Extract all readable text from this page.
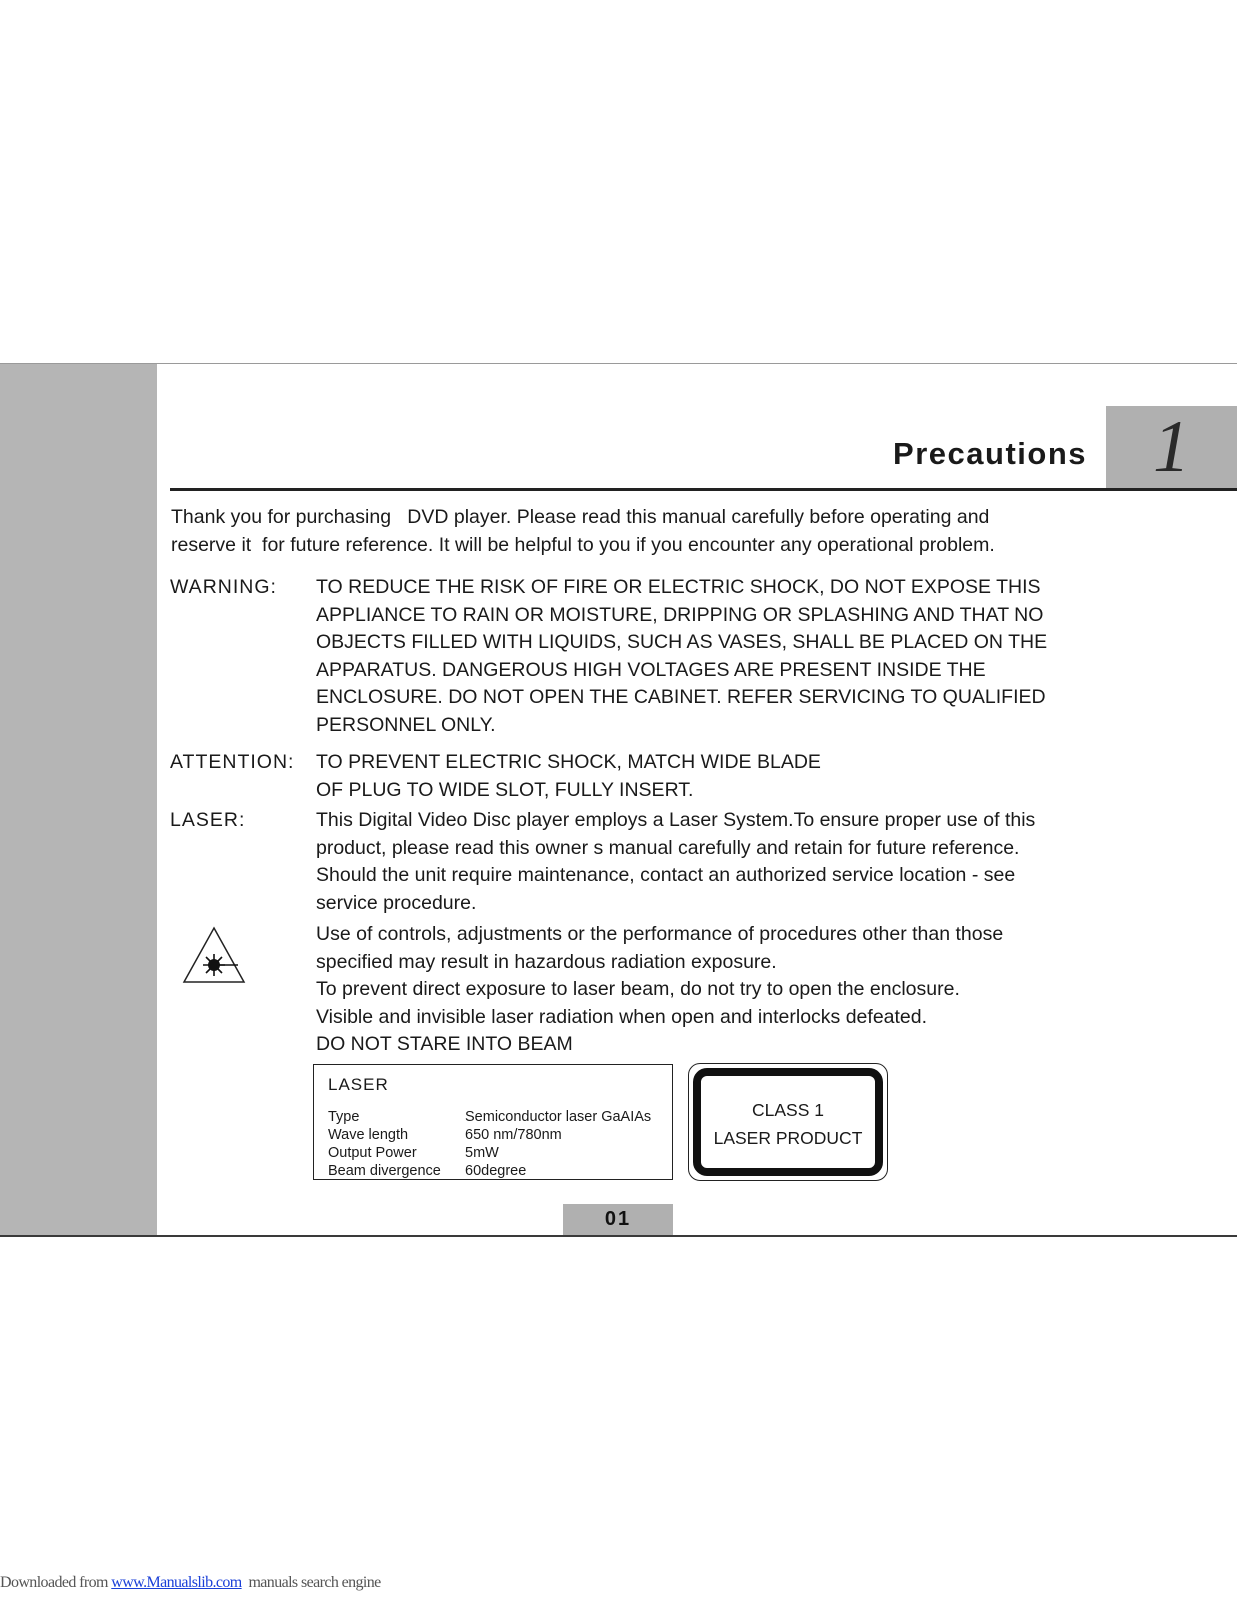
Precautions 1
Thank you for purchasing   DVD player. Please read this manual carefully before operating and
reserve it  for future reference. It will be helpful to you if you encounter any operational problem.
WARNING: TO REDUCE THE RISK OF FIRE OR ELECTRIC SHOCK, DO NOT EXPOSE THIS
APPLIANCE TO RAIN OR MOISTURE, DRIPPING OR SPLASHING AND THAT NO
OBJECTS FILLED WITH LIQUIDS, SUCH AS VASES, SHALL BE PLACED ON THE
APPARATUS. DANGEROUS HIGH VOLTAGES ARE PRESENT INSIDE THE
ENCLOSURE. DO NOT OPEN THE CABINET. REFER SERVICING TO QUALIFIED
PERSONNEL ONLY.
ATTENTION: TO PREVENT ELECTRIC SHOCK, MATCH WIDE BLADE
OF PLUG TO WIDE SLOT, FULLY INSERT.
LASER:	This Digital Video Disc player employs a Laser System.To ensure proper use of this
product, please read this owner s manual carefully and retain for future reference.
Should the unit require maintenance, contact an authorized service location - see
service procedure.
Use of controls, adjustments or the performance of procedures other than those
specified may result in hazardous radiation exposure.
To prevent direct exposure to laser beam, do not try to open the enclosure.
Visible and invisible laser radiation when open and interlocks defeated.
DO NOT STARE INTO BEAM
LASER
Type	Semiconductor laser GaAIAs
Wave length	650 nm/780nm
Output Power	5mW
Beam divergence 60degree
CLASS 1
LASER PRODUCT
01
Downloaded from www.Manualslib.com  manuals search engine
